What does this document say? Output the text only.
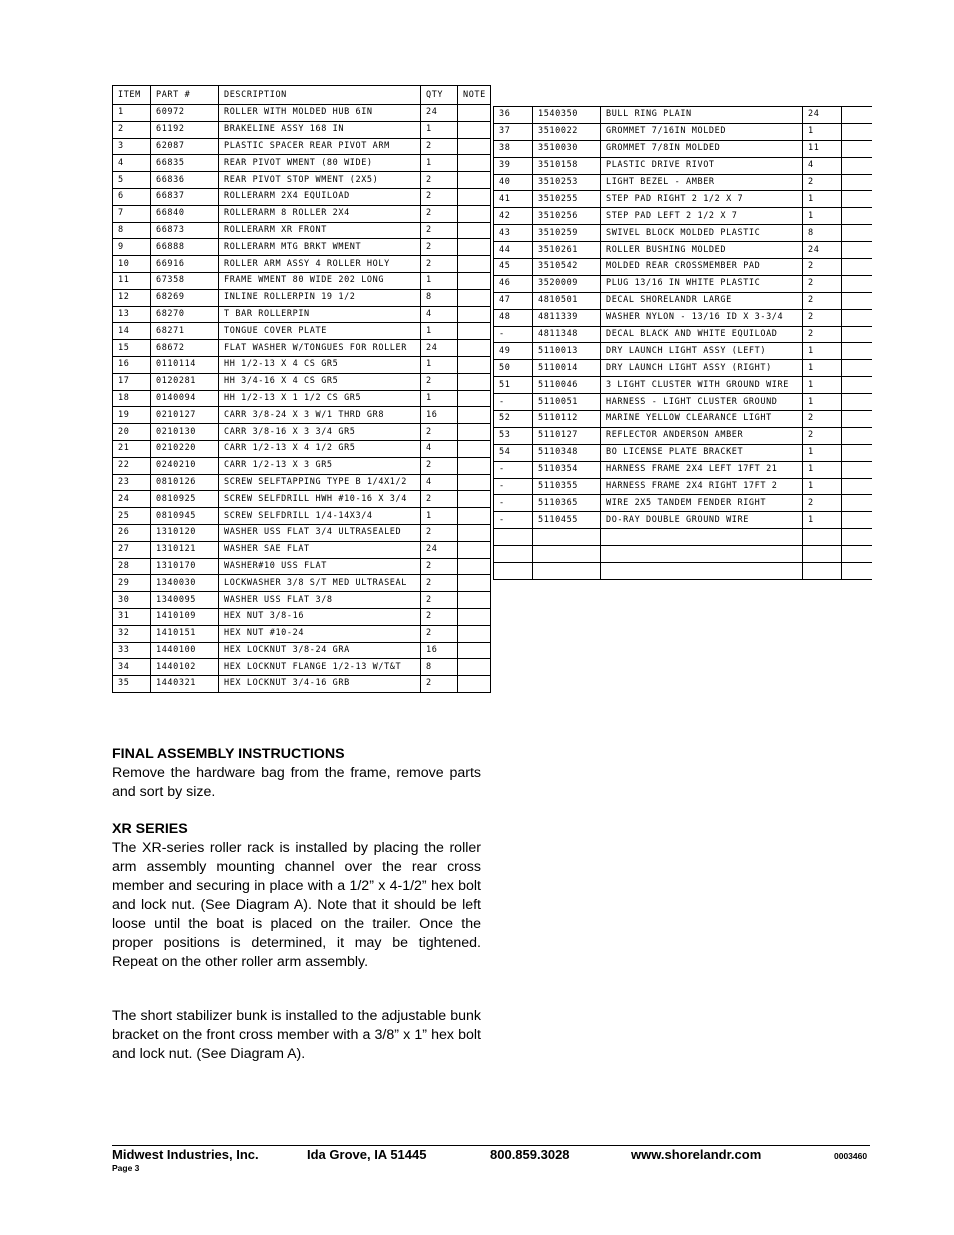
ITEM	PART #	DESCRIPTION	QTY	NOTE
1	60972	ROLLER WITH MOLDED HUB 6IN	24	
2	61192	BRAKELINE ASSY 168 IN	1	
3	62087	PLASTIC SPACER REAR PIVOT ARM	2	
4	66835	REAR PIVOT WMENT (80 WIDE)	1	
5	66836	REAR PIVOT STOP WMENT (2X5)	2	
6	66837	ROLLERARM 2X4 EQUILOAD	2	
7	66840	ROLLERARM 8 ROLLER 2X4	2	
8	66873	ROLLERARM XR FRONT	2	
9	66888	ROLLERARM MTG BRKT WMENT	2	
10	66916	ROLLER ARM ASSY 4 ROLLER HOLY	2	
11	67358	FRAME WMENT 80 WIDE 202 LONG	1	
12	68269	INLINE ROLLERPIN 19 1/2	8	
13	68270	T BAR ROLLERPIN	4	
14	68271	TONGUE COVER PLATE	1	
15	68672	FLAT WASHER W/TONGUES FOR ROLLER	24	
16	0110114	HH 1/2-13 X 4 CS GR5	1	
17	0120281	HH 3/4-16 X 4 CS GR5	2	
18	0140094	HH 1/2-13 X 1 1/2 CS GR5	1	
19	0210127	CARR 3/8-24 X 3 W/1 THRD GR8	16	
20	0210130	CARR 3/8-16 X 3 3/4 GR5	2	
21	0210220	CARR 1/2-13 X 4 1/2 GR5	4	
22	0240210	CARR 1/2-13 X 3 GR5	2	
23	0810126	SCREW SELFTAPPING TYPE B 1/4X1/2	4	
24	0810925	SCREW SELFDRILL HWH #10-16 X 3/4	2	
25	0810945	SCREW SELFDRILL 1/4-14X3/4	1	
26	1310120	WASHER USS FLAT 3/4 ULTRASEALED	2	
27	1310121	WASHER SAE FLAT	24	
28	1310170	WASHER#10 USS FLAT	2	
29	1340030	LOCKWASHER 3/8 S/T MED ULTRASEAL	2	
30	1340095	WASHER USS FLAT 3/8	2	
31	1410109	HEX NUT 3/8-16	2	
32	1410151	HEX NUT #10-24	2	
33	1440100	HEX LOCKNUT 3/8-24 GRA	16	
34	1440102	HEX LOCKNUT FLANGE 1/2-13 W/T&T	8	
35	1440321	HEX LOCKNUT 3/4-16 GRB	2	
36	1540350	BULL RING PLAIN	24	
37	3510022	GROMMET 7/16IN MOLDED	1	
38	3510030	GROMMET 7/8IN MOLDED	11	
39	3510158	PLASTIC DRIVE RIVOT	4	
40	3510253	LIGHT BEZEL - AMBER	2	
41	3510255	STEP PAD RIGHT 2 1/2 X 7	1	
42	3510256	STEP PAD LEFT 2 1/2 X 7	1	
43	3510259	SWIVEL BLOCK MOLDED PLASTIC	8	
44	3510261	ROLLER BUSHING MOLDED	24	
45	3510542	MOLDED REAR CROSSMEMBER PAD	2	
46	3520009	PLUG 13/16 IN WHITE PLASTIC	2	
47	4810501	DECAL SHORELANDR LARGE	2	
48	4811339	WASHER NYLON - 13/16 ID X 3-3/4	2	
-	4811348	DECAL BLACK AND WHITE EQUILOAD	2	
49	5110013	DRY LAUNCH LIGHT ASSY (LEFT)	1	
50	5110014	DRY LAUNCH LIGHT ASSY (RIGHT)	1	
51	5110046	3 LIGHT CLUSTER WITH GROUND WIRE	1	
-	5110051	HARNESS - LIGHT CLUSTER GROUND	1	
52	5110112	MARINE YELLOW CLEARANCE LIGHT	2	
53	5110127	REFLECTOR ANDERSON AMBER	2	
54	5110348	BO LICENSE PLATE BRACKET	1	
-	5110354	HARNESS FRAME 2X4 LEFT 17FT 21	1	
-	5110355	HARNESS FRAME 2X4 RIGHT 17FT 2	1	
-	5110365	WIRE 2X5 TANDEM FENDER RIGHT	2	
-	5110455	DO-RAY DOUBLE GROUND WIRE	1	

FINAL ASSEMBLY INSTRUCTIONS

Remove the hardware bag from the frame, remove parts and sort by size.

XR SERIES

The XR-series roller rack is installed by placing the roller arm assembly mounting channel over the rear cross member and securing in place with a 1/2” x 4-1/2” hex bolt and lock nut. (See Diagram A). Note that it should be left loose until the boat is placed on the trailer. Once the proper positions is determined, it may be tightened. Repeat on the other roller arm assembly.

The short stabilizer bunk is installed to the adjustable bunk bracket on the front cross member with a 3/8” x 1” hex bolt and lock nut. (See Diagram A).

Midwest Industries, Inc.	Ida Grove, IA 51445	800.859.3028	www.shorelandr.com	0003460
Page 3
